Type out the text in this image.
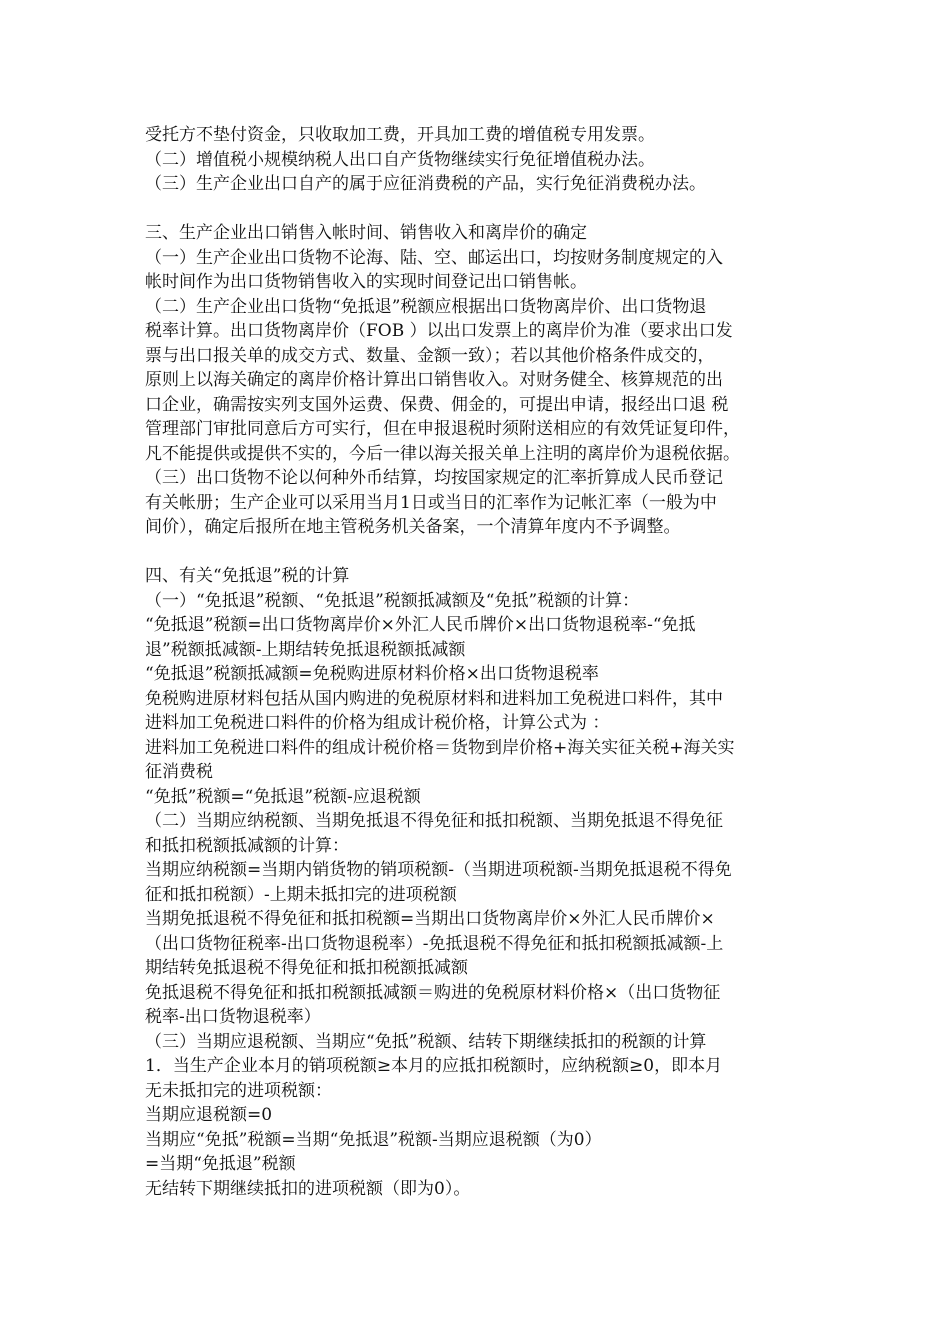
受托方不垫付资金，只收取加工费，开具加工费的增值税专用发票。
（二）增值税小规模纳税人出口自产货物继续实行免征增值税办法。
（三）生产企业出口自产的属于应征消费税的产品，实行免征消费税办法。
三、生产企业出口销售入帐时间、销售收入和离岸价的确定
（一）生产企业出口货物不论海、陆、空、邮运出口，均按财务制度规定的入
帐时间作为出口货物销售收入的实现时间登记出口销售帐。
（二）生产企业出口货物“免抵退”税额应根据出口货物离岸价、出口货物退
税率计算。出口货物离岸价（FOB ）以出口发票上的离岸价为准（要求出口发
票与出口报关单的成交方式、数量、金额一致）；若以其他价格条件成交的，
原则上以海关确定的离岸价格计算出口销售收入。对财务健全、核算规范的出
口企业，确需按实列支国外运费、保费、佣金的，可提出申请，报经出口退 税
管理部门审批同意后方可实行，但在申报退税时须附送相应的有效凭证复印件，
凡不能提供或提供不实的，今后一律以海关报关单上注明的离岸价为退税依据。
（三）出口货物不论以何种外币结算，均按国家规定的汇率折算成人民币登记
有关帐册；生产企业可以采用当月1日或当日的汇率作为记帐汇率（一般为中
间价），确定后报所在地主管税务机关备案，一个清算年度内不予调整。
四、有关“免抵退”税的计算
（一）“免抵退”税额、“免抵退”税额抵减额及“免抵”税额的计算：
“免抵退”税额=出口货物离岸价×外汇人民币牌价×出口货物退税率-“免抵
退”税额抵减额-上期结转免抵退税额抵减额
“免抵退”税额抵减额=免税购进原材料价格×出口货物退税率
免税购进原材料包括从国内购进的免税原材料和进料加工免税进口料件，其中
进料加工免税进口料件的价格为组成计税价格，计算公式为 ：
进料加工免税进口料件的组成计税价格＝货物到岸价格+海关实征关税+海关实
征消费税
“免抵”税额=“免抵退”税额-应退税额
（二）当期应纳税额、当期免抵退不得免征和抵扣税额、当期免抵退不得免征
和抵扣税额抵减额的计算：
当期应纳税额=当期内销货物的销项税额-（当期进项税额-当期免抵退税不得免
征和抵扣税额）-上期未抵扣完的进项税额
当期免抵退税不得免征和抵扣税额=当期出口货物离岸价×外汇人民币牌价×
（出口货物征税率-出口货物退税率）-免抵退税不得免征和抵扣税额抵减额-上
期结转免抵退税不得免征和抵扣税额抵减额
免抵退税不得免征和抵扣税额抵减额＝购进的免税原材料价格×（出口货物征
税率-出口货物退税率）
（三）当期应退税额、当期应“免抵”税额、结转下期继续抵扣的税额的计算
1．当生产企业本月的销项税额≥本月的应抵扣税额时，应纳税额≥0，即本月
无未抵扣完的进项税额：
当期应退税额=0
当期应“免抵”税额=当期“免抵退”税额-当期应退税额（为0）
=当期“免抵退”税额
无结转下期继续抵扣的进项税额（即为0）。
